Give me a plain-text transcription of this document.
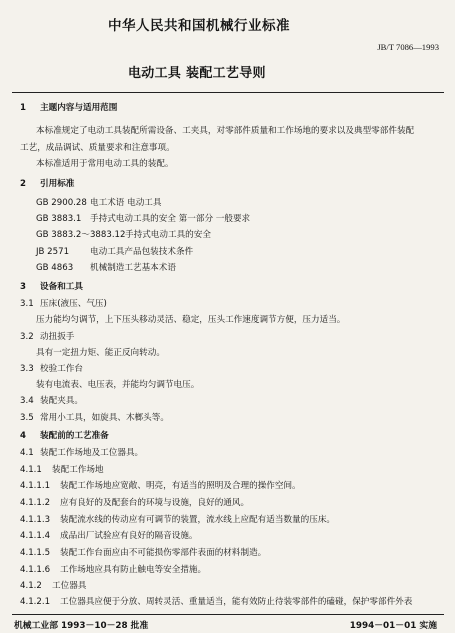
中华人民共和国机械行业标准
JB/T 7086—1993
电动工具 装配工艺导则
1 主题内容与适用范围
本标准规定了电动工具装配所需设备、工夹具，对零部件质量和工作场地的要求以及典型零部件装配
工艺，成品调试、质量要求和注意事项。
本标准适用于常用电动工具的装配。
2 引用标准
GB 2900.28 电工术语 电动工具
GB 3883.1 手持式电动工具的安全 第一部分 一般要求
GB 3883.2～3883.12 手持式电动工具的安全
JB 2571 电动工具产品包装技术条件
GB 4863 机械制造工艺基本术语
3 设备和工具
3.1 压床(液压、气压)
压力能均匀调节，上下压头移动灵活、稳定，压头工作速度调节方便，压力适当。
3.2 动扭扳手
具有一定扭力矩、能正反向转动。
3.3 校验工作台
装有电流表、电压表，并能均匀调节电压。
3.4 装配夹具。
3.5 常用小工具，如旋具、木榔头等。
4 装配前的工艺准备
4.1 装配工作场地及工位器具。
4.1.1 装配工作场地
4.1.1.1 装配工作场地应宽敞、明亮，有适当的照明及合理的操作空间。
4.1.1.2 应有良好的及配套台的环境与设施，良好的通风。
4.1.1.3 装配流水线的传动应有可调节的装置，流水线上应配有适当数量的压床。
4.1.1.4 成品出厂试验应有良好的隔音设施。
4.1.1.5 装配工作台面应由不可能损伤零部件表面的材料制造。
4.1.1.6 工作场地应具有防止触电等安全措施。
4.1.2 工位器具
4.1.2.1 工位器具应便于分放、周转灵活、重量适当，能有效防止待装零部件的磕碰，保护零部件外表
机械工业部 1993－10－28 批准	1994－01－01 实施
